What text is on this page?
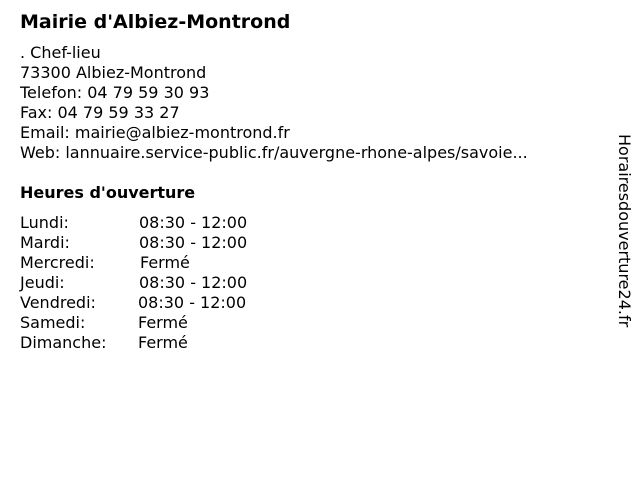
Mairie d'Albiez-Montrond
. Chef-lieu
73300 Albiez-Montrond
Telefon: 04 79 59 30 93
Fax: 04 79 59 33 27
Email: mairie@albiez-montrond.fr
Web: lannuaire.service-public.fr/auvergne-rhone-alpes/savoie...
Heures d'ouverture
Lundi:	08:30 - 12:00
Mardi:	08:30 - 12:00
Mercredi:	Fermé
Jeudi:	08:30 - 12:00
Vendredi:	08:30 - 12:00
Samedi:	Fermé
Dimanche: Fermé
Horairesdouverture24.fr
